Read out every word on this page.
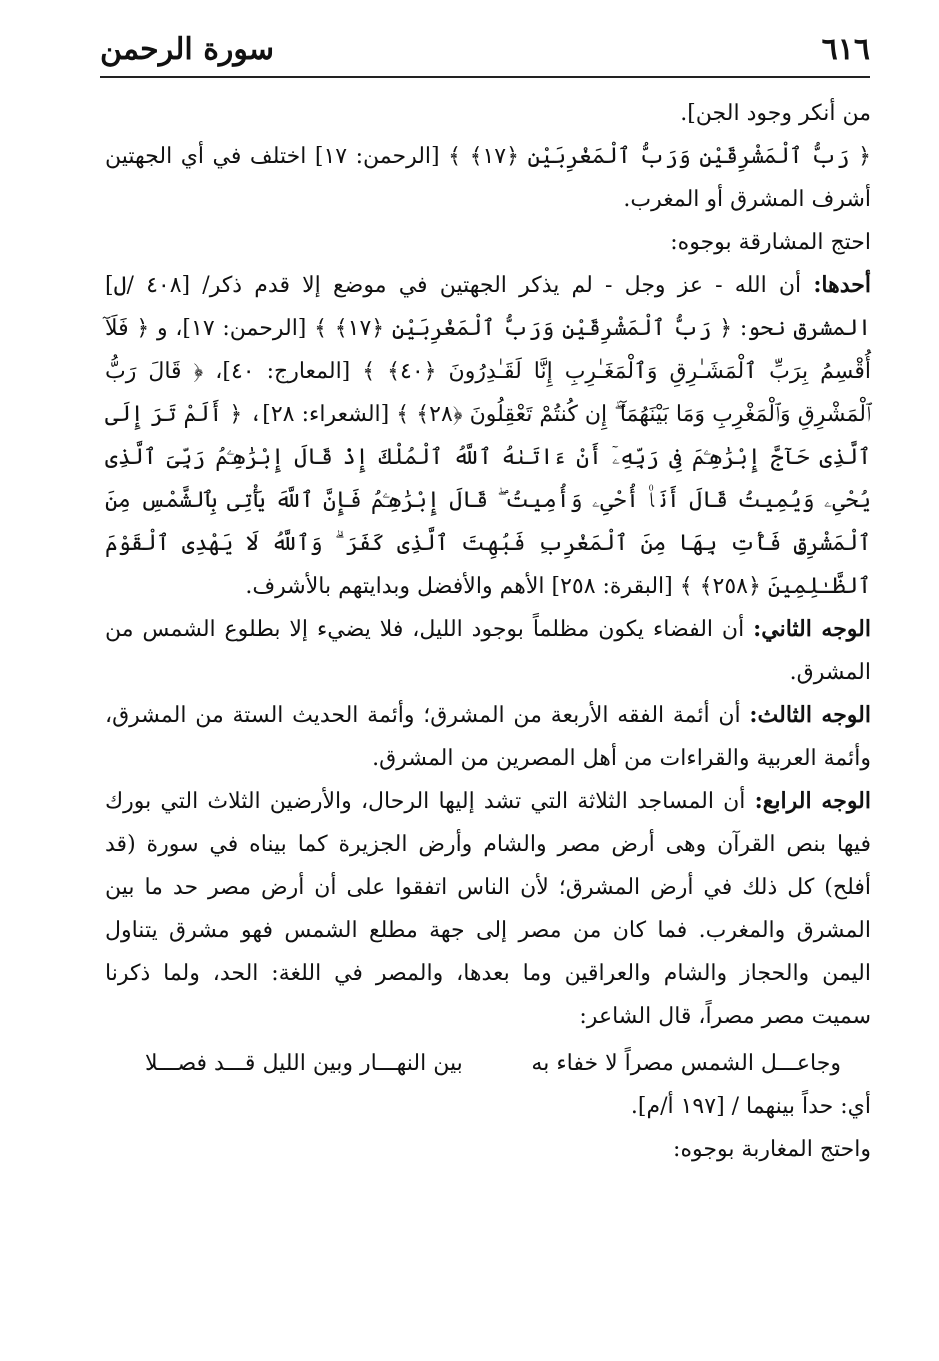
٦١٦
سورة الرحمن

من أنكر وجود الجن].

﴿ رَبُّ ٱلْمَشْرِقَيْنِ وَرَبُّ ٱلْمَغْرِبَيْنِ ﴿١٧﴾ ﴾ [الرحمن: ١٧] اختلف في أي الجهتين أشرف المشرق أو المغرب.

احتج المشارقة بوجوه:

أحدها: أن الله - عز وجل - لم يذكر الجهتين في موضع إلا قدم ذكر/ [٤٠٨ /ل] المشرق نحو: ﴿ رَبُّ ٱلْمَشْرِقَيْنِ وَرَبُّ ٱلْمَغْرِبَيْنِ ﴿١٧﴾ ﴾ [الرحمن: ١٧]، و ﴿ فَلَآ أُقْسِمُ بِرَبِّ ٱلْمَشَـٰرِقِ وَٱلْمَغَـٰرِبِ إِنَّا لَقَـٰدِرُونَ ﴿٤٠﴾ ﴾ [المعارج: ٤٠]، ﴿ قَالَ رَبُّ ٱلْمَشْرِقِ وَٱلْمَغْرِبِ وَمَا بَيْنَهُمَآ ۖ إِن كُنتُمْ تَعْقِلُونَ ﴿٢٨﴾ ﴾ [الشعراء: ٢٨]، ﴿ أَلَمْ تَرَ إِلَى ٱلَّذِى حَآجَّ إِبْرَٰهِـۧمَ فِى رَبِّهِۦٓ أَنْ ءَاتَىٰهُ ٱللَّهُ ٱلْمُلْكَ إِذْ قَالَ إِبْرَٰهِـۧمُ رَبِّىَ ٱلَّذِى يُحْىِۦ وَيُمِيتُ قَالَ أَنَا۠ أُحْىِۦ وَأُمِيتُ ۖ قَالَ إِبْرَٰهِـۧمُ فَإِنَّ ٱللَّهَ يَأْتِى بِٱلشَّمْسِ مِنَ ٱلْمَشْرِقِ فَأْتِ بِهَا مِنَ ٱلْمَغْرِبِ فَبُهِتَ ٱلَّذِى كَفَرَ ۗ وَٱللَّهُ لَا يَهْدِى ٱلْقَوْمَ ٱلظَّـٰلِمِينَ ﴿٢٥٨﴾ ﴾ [البقرة: ٢٥٨] الأهم والأفضل وبدايتهم بالأشرف.

الوجه الثاني: أن الفضاء يكون مظلماً بوجود الليل، فلا يضيء إلا بطلوع الشمس من المشرق.

الوجه الثالث: أن أئمة الفقه الأربعة من المشرق؛ وأئمة الحديث الستة من المشرق، وأئمة العربية والقراءات من أهل المصرين من المشرق.

الوجه الرابع: أن المساجد الثلاثة التي تشد إليها الرحال، والأرضين الثلاث التي بورك فيها بنص القرآن وهى أرض مصر والشام وأرض الجزيرة كما بيناه في سورة (قد أفلح) كل ذلك في أرض المشرق؛ لأن الناس اتفقوا على أن أرض مصر حد ما بين المشرق والمغرب. فما كان من مصر إلى جهة مطلع الشمس فهو مشرق يتناول اليمن والحجاز والشام والعراقين وما بعدها، والمصر في اللغة: الحد، ولما ذكرنا سميت مصر مصراً، قال الشاعر:

وجاعـــل الشمس مصراً لا خفاء به
بين النهـــار وبين الليل قـــد فصـــلا

أي: حداً بينهما / [١٩٧ أ/م].

واحتج المغاربة بوجوه:
